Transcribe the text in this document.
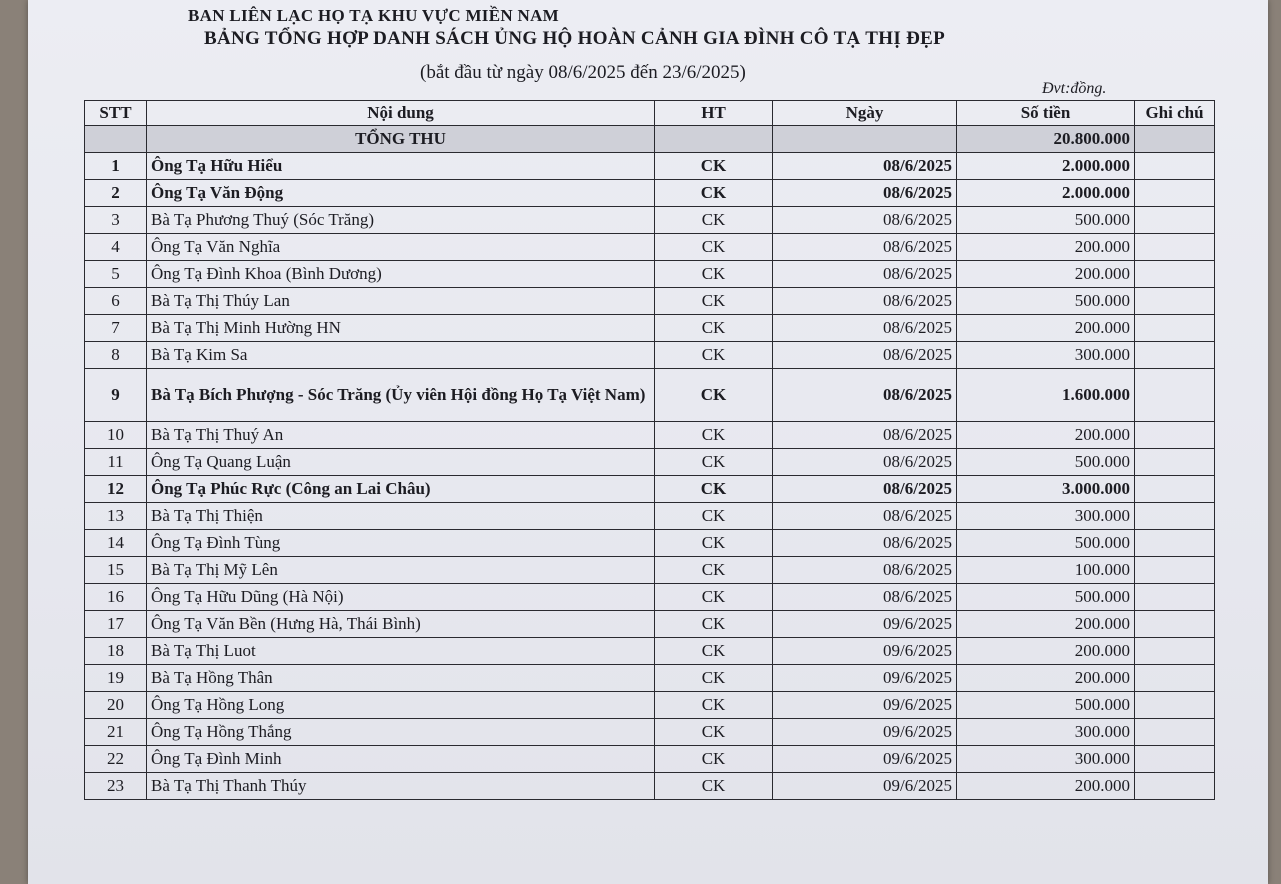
BAN LIÊN LẠC HỌ TẠ KHU VỰC MIỀN NAM
BẢNG TỔNG HỢP DANH SÁCH ỦNG HỘ HOÀN CẢNH GIA ĐÌNH CÔ TẠ THỊ ĐẸP
(bắt đầu từ ngày 08/6/2025 đến 23/6/2025)
Đvt:đồng.
STT	Nội dung	HT	Ngày	Số tiền	Ghi chú
	TỔNG THU			20.800.000	
1	Ông Tạ Hữu Hiểu	CK	08/6/2025	2.000.000	
2	Ông Tạ Văn Động	CK	08/6/2025	2.000.000	
3	Bà Tạ Phương Thuý (Sóc Trăng)	CK	08/6/2025	500.000	
4	Ông Tạ Văn Nghĩa	CK	08/6/2025	200.000	
5	Ông Tạ Đình Khoa (Bình Dương)	CK	08/6/2025	200.000	
6	Bà Tạ Thị Thúy Lan	CK	08/6/2025	500.000	
7	Bà Tạ Thị Minh Hường HN	CK	08/6/2025	200.000	
8	Bà Tạ Kim Sa	CK	08/6/2025	300.000	
9	Bà Tạ Bích Phượng - Sóc Trăng (Ủy viên Hội đồng Họ Tạ Việt Nam)	CK	08/6/2025	1.600.000	
10	Bà Tạ Thị Thuý An	CK	08/6/2025	200.000	
11	Ông Tạ Quang Luận	CK	08/6/2025	500.000	
12	Ông Tạ Phúc Rực (Công an Lai Châu)	CK	08/6/2025	3.000.000	
13	Bà Tạ Thị Thiện	CK	08/6/2025	300.000	
14	Ông Tạ Đình Tùng	CK	08/6/2025	500.000	
15	Bà Tạ Thị Mỹ Lên	CK	08/6/2025	100.000	
16	Ông Tạ Hữu Dũng (Hà Nội)	CK	08/6/2025	500.000	
17	Ông Tạ Văn Bền (Hưng Hà, Thái Bình)	CK	09/6/2025	200.000	
18	Bà Tạ Thị Luot	CK	09/6/2025	200.000	
19	Bà Tạ Hồng Thân	CK	09/6/2025	200.000	
20	Ông Tạ Hồng Long	CK	09/6/2025	500.000	
21	Ông Tạ Hồng Thắng	CK	09/6/2025	300.000	
22	Ông Tạ Đình Minh	CK	09/6/2025	300.000	
23	Bà Tạ Thị Thanh Thúy	CK	09/6/2025	200.000	
